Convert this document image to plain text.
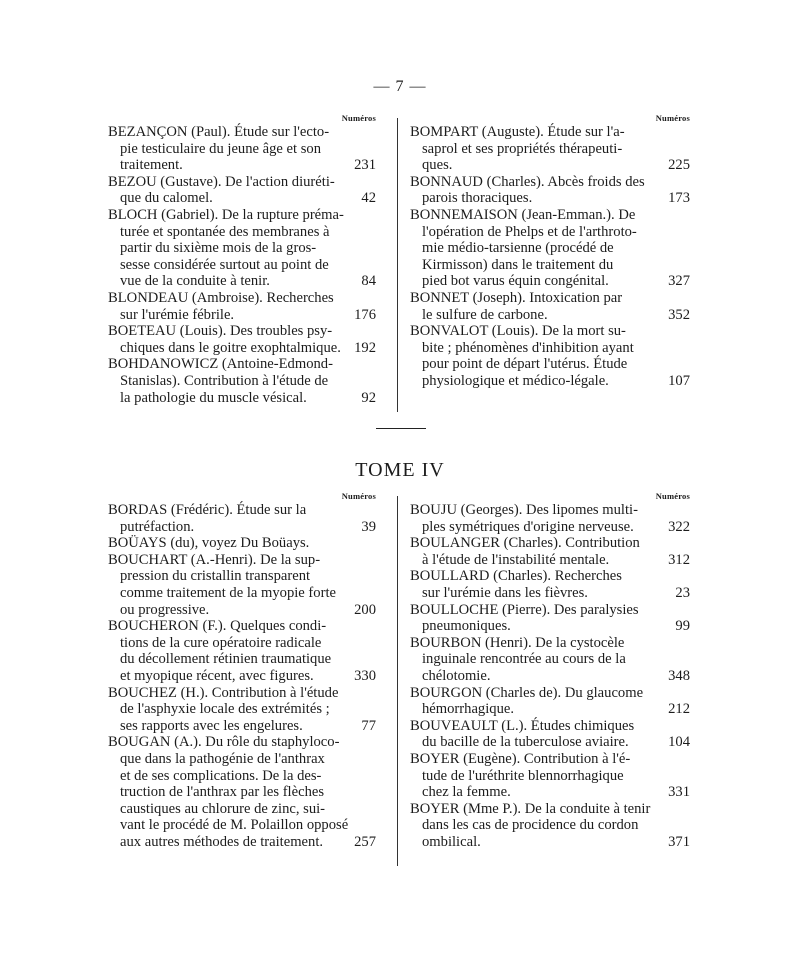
— 7 —
Numéros
BEZANÇON (Paul). Étude sur l'ecto-
pie testiculaire du jeune âge et son
traitement.	231
BEZOU (Gustave). De l'action diuréti-
que du calomel.	42
BLOCH (Gabriel). De la rupture préma-
turée et spontanée des membranes à
partir du sixième mois de la gros-
sesse considérée surtout au point de
vue de la conduite à tenir.	84
BLONDEAU (Ambroise). Recherches
sur l'urémie fébrile.	176
BOETEAU (Louis). Des troubles psy-
chiques dans le goitre exophtalmique. 192
BOHDANOWICZ (Antoine-Edmond-
Stanislas). Contribution à l'étude de
la pathologie du muscle vésical.	92
Numéros
BOMPART (Auguste). Étude sur l'a-
saprol et ses propriétés thérapeuti-
ques.	225
BONNAUD (Charles). Abcès froids des
parois thoraciques.	173
BONNEMAISON (Jean-Emman.). De
l'opération de Phelps et de l'arthroto-
mie médio-tarsienne (procédé de
Kirmisson) dans le traitement du
pied bot varus équin congénital.	327
BONNET (Joseph). Intoxication par
le sulfure de carbone.	352
BONVALOT (Louis). De la mort su-
bite ; phénomènes d'inhibition ayant
pour point de départ l'utérus. Étude
physiologique et médico-légale.	107
TOME IV
Numéros
BORDAS (Frédéric). Étude sur la
putréfaction.	39
BOÜAYS (du), voyez Du Boüays.
BOUCHART (A.-Henri). De la sup-
pression du cristallin transparent
comme traitement de la myopie forte
ou progressive.	200
BOUCHERON (F.). Quelques condi-
tions de la cure opératoire radicale
du décollement rétinien traumatique
et myopique récent, avec figures.	330
BOUCHEZ (H.). Contribution à l'étude
de l'asphyxie locale des extrémités ;
ses rapports avec les engelures.	77
BOUGAN (A.). Du rôle du staphyloco-
que dans la pathogénie de l'anthrax
et de ses complications. De la des-
truction de l'anthrax par les flèches
caustiques au chlorure de zinc, sui-
vant le procédé de M. Polaillon opposé
aux autres méthodes de traitement. 257
Numéros
BOUJU (Georges). Des lipomes multi-
ples symétriques d'origine nerveuse. 322
BOULANGER (Charles). Contribution
à l'étude de l'instabilité mentale.	312
BOULLARD (Charles). Recherches
sur l'urémie dans les fièvres.	23
BOULLOCHE (Pierre). Des paralysies
pneumoniques.	99
BOURBON (Henri). De la cystocèle
inguinale rencontrée au cours de la
chélotomie.	348
BOURGON (Charles de). Du glaucome
hémorrhagique.	212
BOUVEAULT (L.). Études chimiques
du bacille de la tuberculose aviaire.	104
BOYER (Eugène). Contribution à l'é-
tude de l'uréthrite blennorrhagique
chez la femme.	331
BOYER (Mme P.). De la conduite à tenir
dans les cas de procidence du cordon
ombilical.	371
